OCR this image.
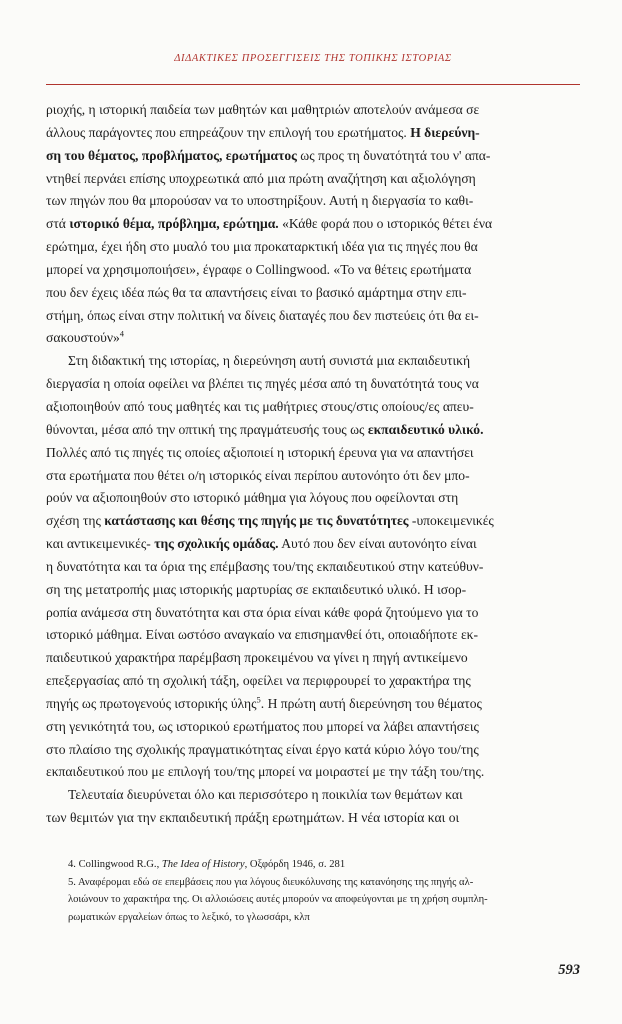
ΔΙΔΑΚΤΙΚΕΣ ΠΡΟΣΕΓΓΙΣΕΙΣ ΤΗΣ ΤΟΠΙΚΗΣ ΙΣΤΟΡΙΑΣ
ριοχής, η ιστορική παιδεία των μαθητών και μαθητριών αποτελούν ανάμεσα σε
άλλους παράγοντες που επηρεάζουν την επιλογή του ερωτήματος. Η διερεύνη-
ση του θέματος, προβλήματος, ερωτήματος ως προς τη δυνατότητά του ν' απα-
ντηθεί περνάει επίσης υποχρεωτικά από μια πρώτη αναζήτηση και αξιολόγηση
των πηγών που θα μπορούσαν να το υποστηρίξουν. Αυτή η διεργασία το καθι-
στά ιστορικό θέμα, πρόβλημα, ερώτημα. «Κάθε φορά που ο ιστορικός θέτει ένα
ερώτημα, έχει ήδη στο μυαλό του μια προκαταρκτική ιδέα για τις πηγές που θα
μπορεί να χρησιμοποιήσει», έγραφε ο Collingwood. «Το να θέτεις ερωτήματα
που δεν έχεις ιδέα πώς θα τα απαντήσεις είναι το βασικό αμάρτημα στην επι-
στήμη, όπως είναι στην πολιτική να δίνεις διαταγές που δεν πιστεύεις ότι θα ει-
σακουστούν»$^4$
Στη διδακτική της ιστορίας, η διερεύνηση αυτή συνιστά μια εκπαιδευτική
διεργασία η οποία οφείλει να βλέπει τις πηγές μέσα από τη δυνατότητά τους να
αξιοποιηθούν από τους μαθητές και τις μαθήτριες στους/στις οποίους/ες απευ-
θύνονται, μέσα από την οπτική της πραγμάτευσής τους ως εκπαιδευτικό υλικό.
Πολλές από τις πηγές τις οποίες αξιοποιεί η ιστορική έρευνα για να απαντήσει
στα ερωτήματα που θέτει ο/η ιστορικός είναι περίπου αυτονόητο ότι δεν μπο-
ρούν να αξιοποιηθούν στο ιστορικό μάθημα για λόγους που οφείλονται στη
σχέση της κατάστασης και θέσης της πηγής με τις δυνατότητες -υποκειμενικές
και αντικειμενικές- της σχολικής ομάδας. Αυτό που δεν είναι αυτονόητο είναι
η δυνατότητα και τα όρια της επέμβασης του/της εκπαιδευτικού στην κατεύθυν-
ση της μετατροπής μιας ιστορικής μαρτυρίας σε εκπαιδευτικό υλικό. Η ισορ-
ροπία ανάμεσα στη δυνατότητα και στα όρια είναι κάθε φορά ζητούμενο για το
ιστορικό μάθημα. Είναι ωστόσο αναγκαίο να επισημανθεί ότι, οποιαδήποτε εκ-
παιδευτικού χαρακτήρα παρέμβαση προκειμένου να γίνει η πηγή αντικείμενο
επεξεργασίας από τη σχολική τάξη, οφείλει να περιφρουρεί το χαρακτήρα της
πηγής ως πρωτογενούς ιστορικής ύλης$^5$. Η πρώτη αυτή διερεύνηση του θέματος
στη γενικότητά του, ως ιστορικού ερωτήματος που μπορεί να λάβει απαντήσεις
στο πλαίσιο της σχολικής πραγματικότητας είναι έργο κατά κύριο λόγο του/της
εκπαιδευτικού που με επιλογή του/της μπορεί να μοιραστεί με την τάξη του/της.
Τελευταία διευρύνεται όλο και περισσότερο η ποικιλία των θεμάτων και
των θεμιτών για την εκπαιδευτική πράξη ερωτημάτων. Η νέα ιστορία και οι
4. Collingwood R.G., The Idea of History, Οξφόρδη 1946, σ. 281
5. Αναφέρομαι εδώ σε επεμβάσεις που για λόγους διευκόλυνσης της κατανόησης της πηγής αλ-
λοιώνουν το χαρακτήρα της. Οι αλλοιώσεις αυτές μπορούν να αποφεύγονται με τη χρήση συμπλη-
ρωματικών εργαλείων όπως το λεξικό, το γλωσσάρι, κλπ
593
